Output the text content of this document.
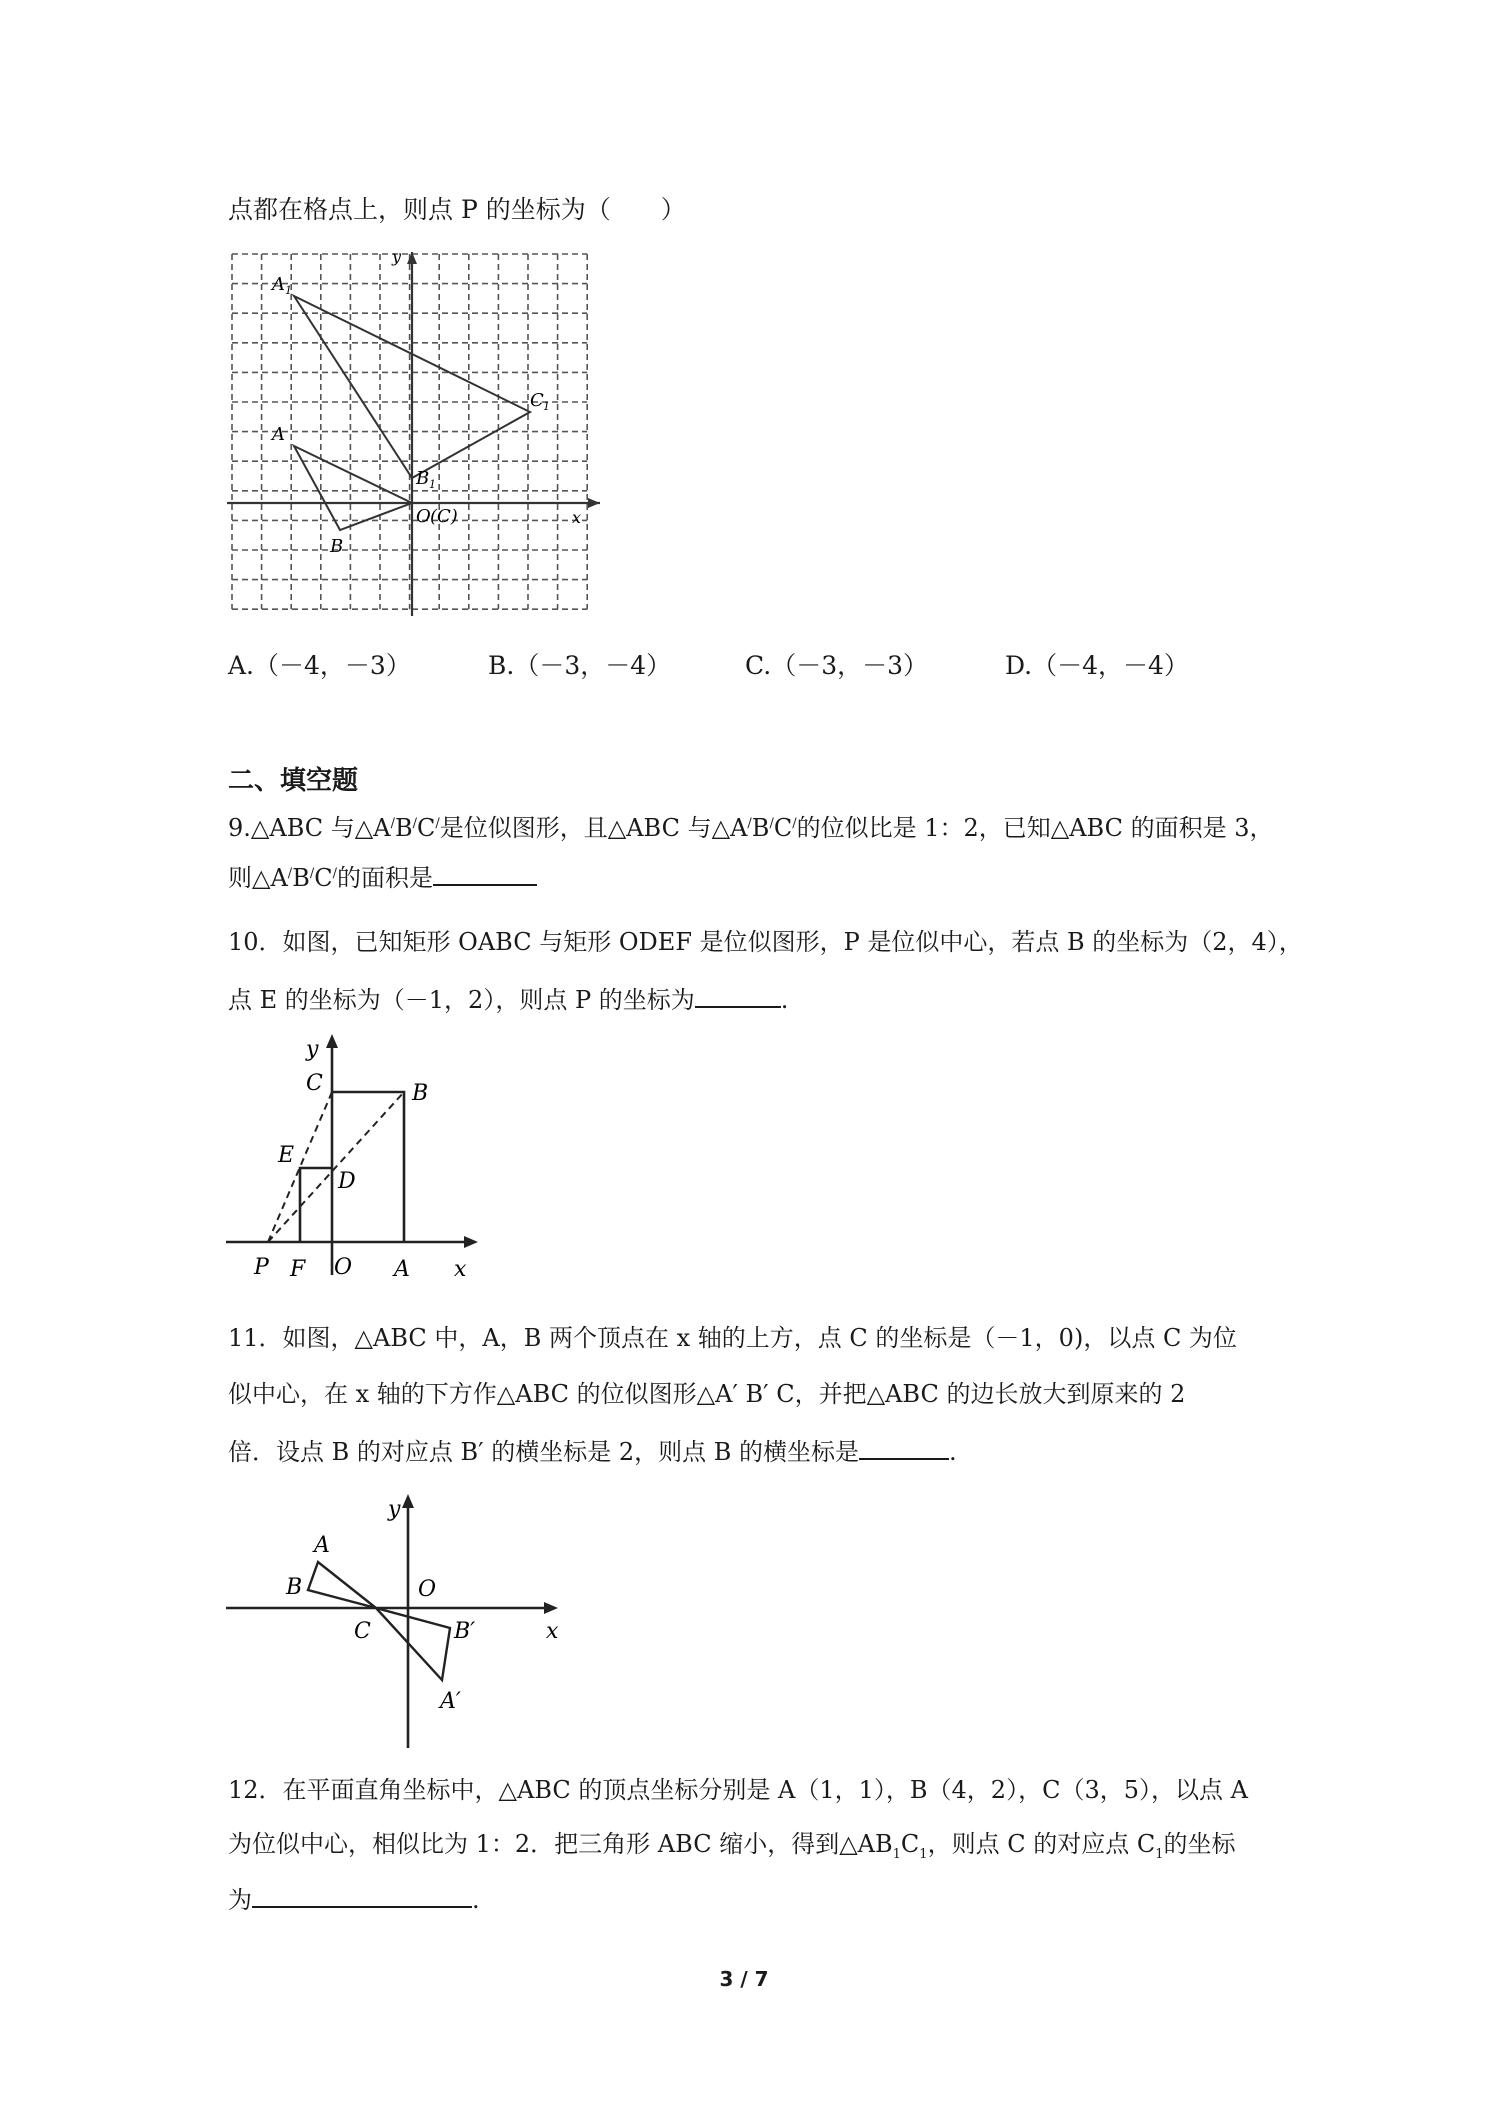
点都在格点上，则点 P 的坐标为（　　）
x
y
A 1
C 1
A
B 1
B
O (C)
A.（－4，－3）	B.（－3，－4）	C.（－3，－3）	D.（－4，－4）
二、填空题
9.△ABC 与△A/B/C/是位似图形，且△ABC 与△A/B/C/的位似比是 1：2，已知△ABC 的面积是 3，
则△A/B/C/的面积是
10．如图，已知矩形 OABC 与矩形 ODEF 是位似图形，P 是位似中心，若点 B 的坐标为（2，4），
点 E 的坐标为（－1，2），则点 P 的坐标为	.
y
x
C	B
E
D
P F O A
11．如图，△ABC 中，A，B 两个顶点在 x 轴的上方，点 C 的坐标是（－1，0)，以点 C 为位
似中心，在 x 轴的下方作△ABC 的位似图形△A′ B′ C，并把△ABC 的边长放大到原来的 2
倍．设点 B 的对应点 B′ 的横坐标是 2，则点 B 的横坐标是	.
y
x
A
B	O
C	B′
A′
12．在平面直角坐标中，△ABC 的顶点坐标分别是 A（1，1），B（4，2），C（3，5），以点 A
为位似中心，相似比为 1：2．把三角形 ABC 缩小，得到$\triangle AB_1C_1$，则点 C 的对应点 $C_1$的坐标
为	.
3 / 7
